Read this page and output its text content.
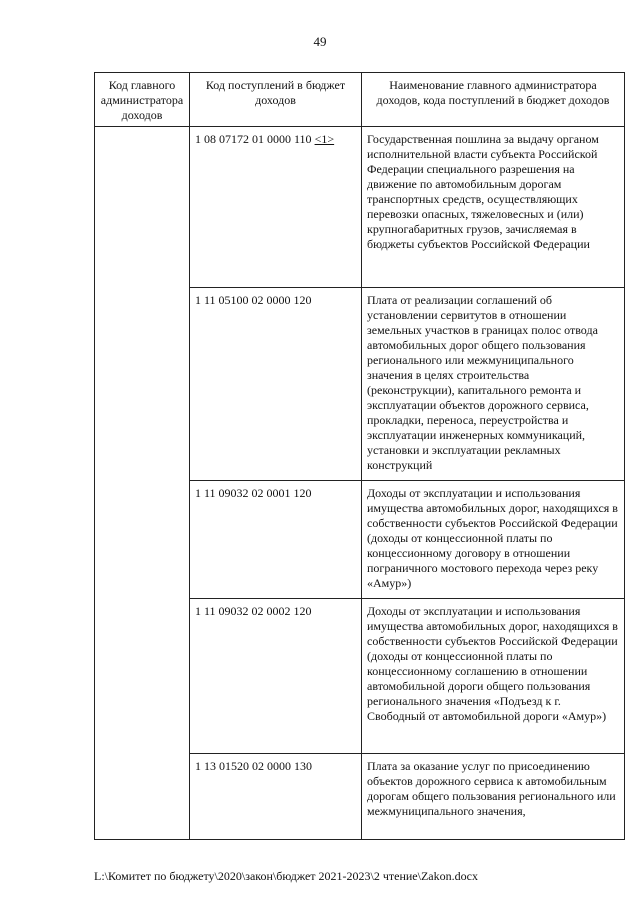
49
Код главного администратора доходов	Код поступлений в бюджет доходов	Наименование главного администратора доходов, кода поступлений в бюджет доходов
	1 08 07172 01 0000 110 <1>	Государственная пошлина за выдачу органом исполнительной власти субъекта Российской Федерации специального разрешения на движение по автомобильным дорогам транспортных средств, осуществляющих перевозки опасных, тяжеловесных и (или) крупногабаритных грузов, зачисляемая в бюджеты субъектов Российской Федерации
	1 11 05100 02 0000 120	Плата от реализации соглашений об установлении сервитутов в отношении земельных участков в границах полос отвода автомобильных дорог общего пользования регионального или межмуниципального значения в целях строительства (реконструкции), капитального ремонта и эксплуатации объектов дорожного сервиса, прокладки, переноса, переустройства и эксплуатации инженерных коммуникаций, установки и эксплуатации рекламных конструкций
	1 11 09032 02 0001 120	Доходы от эксплуатации и использования имущества автомобильных дорог, находящихся в собственности субъектов Российской Федерации (доходы от концессионной платы по концессионному договору в отношении пограничного мостового перехода через реку «Амур»)
	1 11 09032 02 0002 120	Доходы от эксплуатации и использования имущества автомобильных дорог, находящихся в собственности субъектов Российской Федерации (доходы от концессионной платы по концессионному соглашению в отношении автомобильной дороги общего пользования регионального значения «Подъезд к г. Свободный от автомобильной дороги «Амур»)
	1 13 01520 02 0000 130	Плата за оказание услуг по присоединению объектов дорожного сервиса к автомобильным дорогам общего пользования регионального или межмуниципального значения,
L:\Комитет по бюджету\2020\закон\бюджет 2021-2023\2 чтение\Zakon.docx
